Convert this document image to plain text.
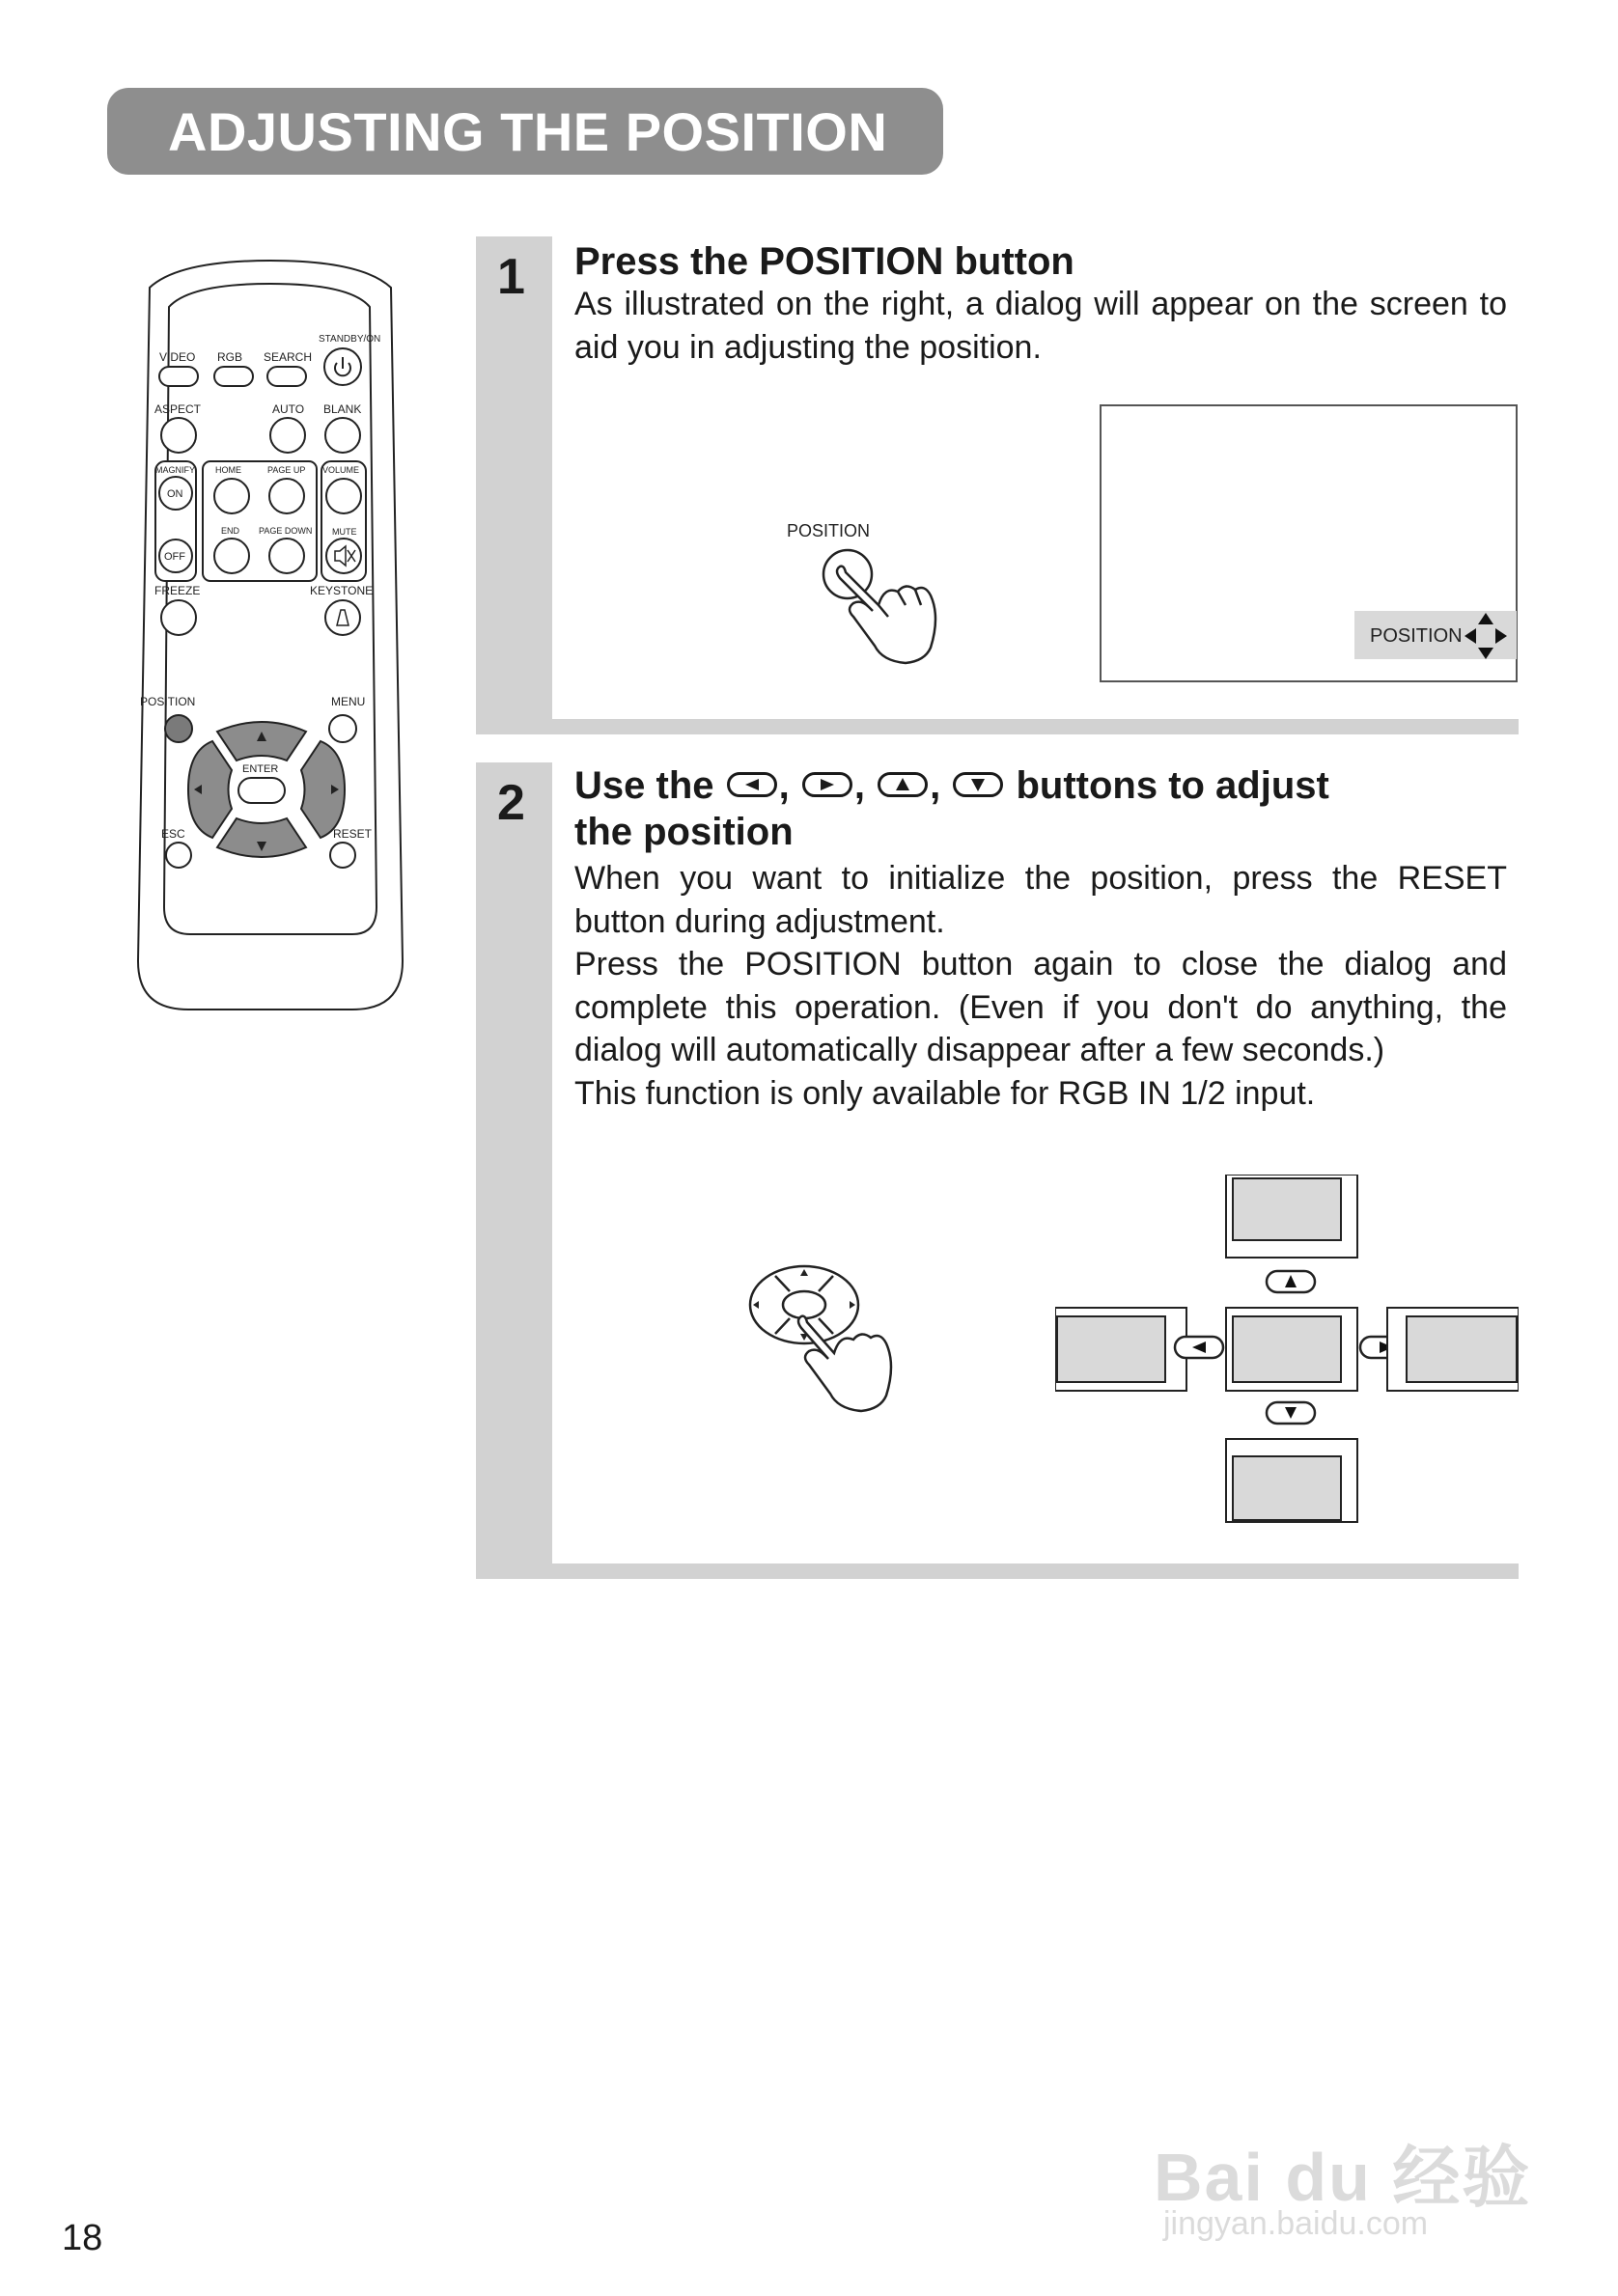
ADJUSTING THE POSITION
STANDBY/ON
VIDEO RGB SEARCH
ASPECT	AUTO BLANK
MAGNIFY
ON
OFF
HOME	PAGE UP
END PAGE DOWN
VOLUME
MUTE
FREEZE	KEYSTONE
POSITION	MENU
ENTER
ESC	RESET
1 Press the POSITION button

As illustrated on the right, a dialog will appear on the screen to aid you in adjusting the position.

POSITION
POSITION
2 Use the ,
,
,
buttons to adjust
the position

When you want to initialize the position, press the RESET button during adjustment.

Press the POSITION button again to close the dialog and complete this operation. (Even if you don't do anything, the dialog will automatically disappear after a few seconds.)

This function is only available for RGB IN 1/2 input.

18
Bai du 经验
jingyan.baidu.com
